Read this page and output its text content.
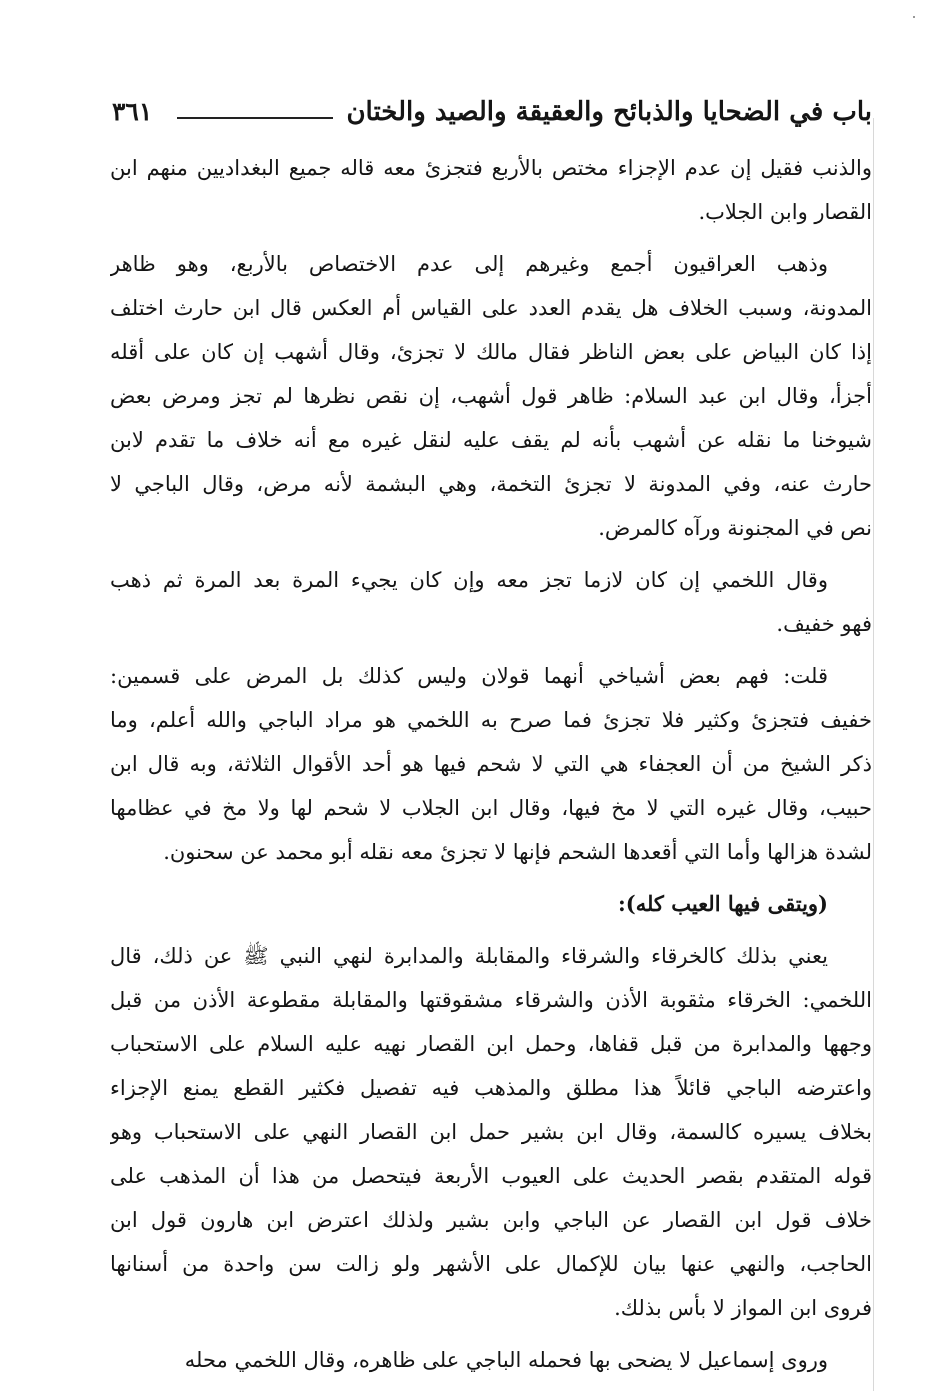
٣٦١	باب في الضحايا والذبائح والعقيقة والصيد والختان

والذنب فقيل إن عدم الإجزاء مختص بالأربع فتجزئ معه قاله جميع البغداديين منهم ابن
القصار وابن الجلاب.

وذهب العراقيون أجمع وغيرهم إلى عدم الاختصاص بالأربع، وهو ظاهر
المدونة، وسبب الخلاف هل يقدم العدد على القياس أم العكس قال ابن حارث اختلف
إذا كان البياض على بعض الناظر فقال مالك لا تجزئ، وقال أشهب إن كان على أقله
أجزأ، وقال ابن عبد السلام: ظاهر قول أشهب، إن نقص نظرها لم تجز ومرض بعض
شيوخنا ما نقله عن أشهب بأنه لم يقف عليه لنقل غيره مع أنه خلاف ما تقدم لابن
حارث عنه، وفي المدونة لا تجزئ التخمة، وهي البشمة لأنه مرض، وقال الباجي لا
نص في المجنونة ورآه كالمرض.

وقال اللخمي إن كان لازما تجز معه وإن كان يجيء المرة بعد المرة ثم ذهب
فهو خفيف.

قلت: فهم بعض أشياخي أنهما قولان وليس كذلك بل المرض على قسمين:
خفيف فتجزئ وكثير فلا تجزئ فما صرح به اللخمي هو مراد الباجي والله أعلم، وما
ذكر الشيخ من أن العجفاء هي التي لا شحم فيها هو أحد الأقوال الثلاثة، وبه قال ابن
حبيب، وقال غيره التي لا مخ فيها، وقال ابن الجلاب لا شحم لها ولا مخ في عظامها
لشدة هزالها وأما التي أقعدها الشحم فإنها لا تجزئ معه نقله أبو محمد عن سحنون.

(ويتقى فيها العيب كله):

يعني بذلك كالخرقاء والشرقاء والمقابلة والمدابرة لنهي النبي ﷺ عن ذلك، قال
اللخمي: الخرقاء مثقوبة الأذن والشرقاء مشقوقتها والمقابلة مقطوعة الأذن من قبل
وجهها والمدابرة من قبل قفاها، وحمل ابن القصار نهيه عليه السلام على الاستحباب
واعترضه الباجي قائلاً هذا مطلق والمذهب فيه تفصيل فكثير القطع يمنع الإجزاء
بخلاف يسيره كالسمة، وقال ابن بشير حمل ابن القصار النهي على الاستحباب وهو
قوله المتقدم بقصر الحديث على العيوب الأربعة فيتحصل من هذا أن المذهب على
خلاف قول ابن القصار عن الباجي وابن بشير ولذلك اعترض ابن هارون قول ابن
الحاجب، والنهي عنها بيان للإكمال على الأشهر ولو زالت سن واحدة من أسنانها
فروى ابن المواز لا بأس بذلك.

وروى إسماعيل لا يضحى بها فحمله الباجي على ظاهره، وقال اللخمي محله
